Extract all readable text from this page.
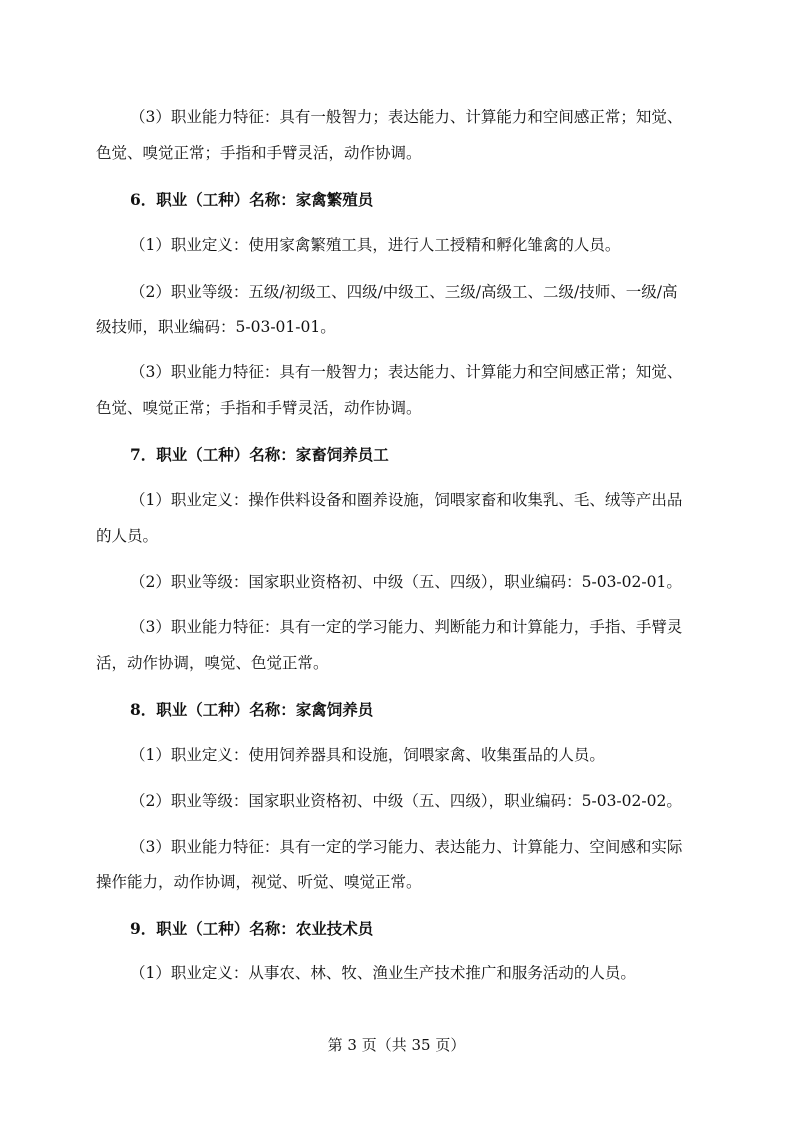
（3）职业能力特征：具有一般智力；表达能力、计算能力和空间感正常；知觉、
色觉、嗅觉正常；手指和手臂灵活，动作协调。
6．职业（工种）名称：家禽繁殖员
（1）职业定义：使用家禽繁殖工具，进行人工授精和孵化雏禽的人员。
（2）职业等级：五级/初级工、四级/中级工、三级/高级工、二级/技师、一级/高
级技师，职业编码：5-03-01-01。
（3）职业能力特征：具有一般智力；表达能力、计算能力和空间感正常；知觉、
色觉、嗅觉正常；手指和手臂灵活，动作协调。
7．职业（工种）名称：家畜饲养员工
（1）职业定义：操作供料设备和圈养设施，饲喂家畜和收集乳、毛、绒等产出品
的人员。
（2）职业等级：国家职业资格初、中级（五、四级），职业编码：5-03-02-01。
（3）职业能力特征：具有一定的学习能力、判断能力和计算能力，手指、手臂灵
活，动作协调，嗅觉、色觉正常。
8．职业（工种）名称：家禽饲养员
（1）职业定义：使用饲养器具和设施，饲喂家禽、收集蛋品的人员。
（2）职业等级：国家职业资格初、中级（五、四级），职业编码：5-03-02-02。
（3）职业能力特征：具有一定的学习能力、表达能力、计算能力、空间感和实际
操作能力，动作协调，视觉、听觉、嗅觉正常。
9．职业（工种）名称：农业技术员
（1）职业定义：从事农、林、牧、渔业生产技术推广和服务活动的人员。
第 3 页（共 35 页）
